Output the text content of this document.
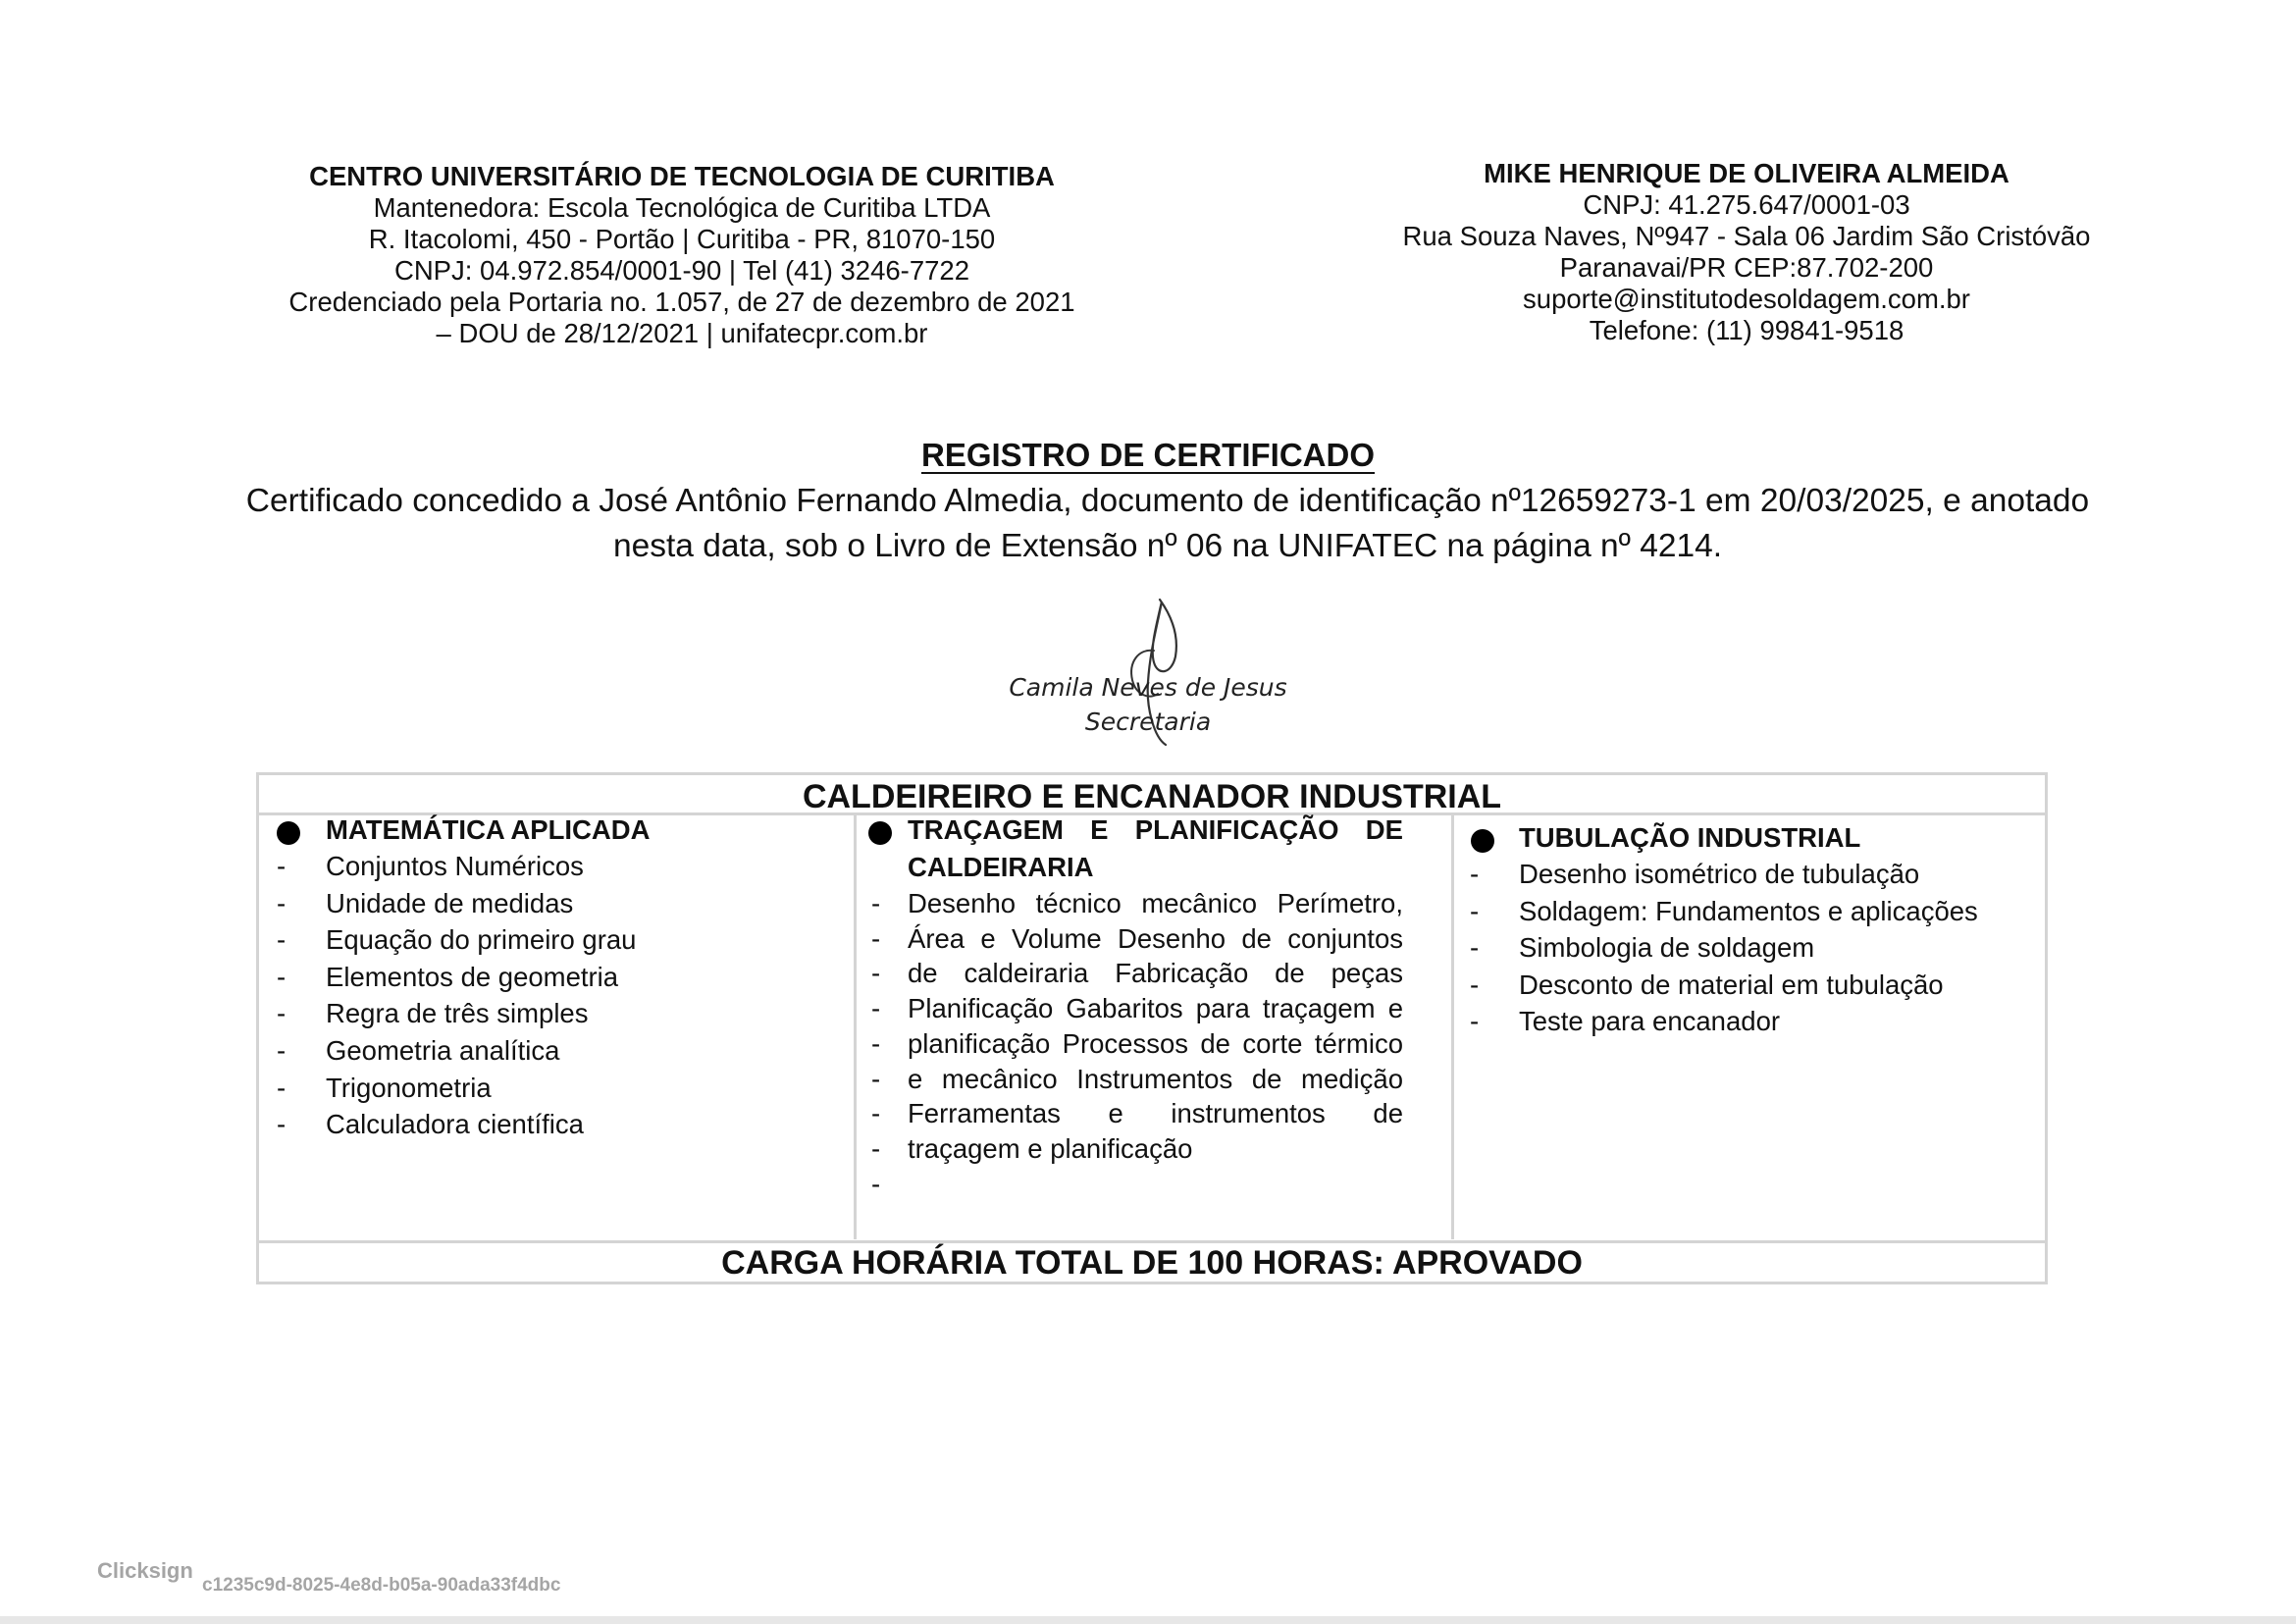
CENTRO UNIVERSITÁRIO DE TECNOLOGIA DE CURITIBA
Mantenedora: Escola Tecnológica de Curitiba LTDA
R. Itacolomi, 450 - Portão | Curitiba - PR, 81070-150
CNPJ: 04.972.854/0001-90 | Tel (41) 3246-7722
Credenciado pela Portaria no. 1.057, de 27 de dezembro de 2021
– DOU de 28/12/2021 | unifatecpr.com.br
MIKE HENRIQUE DE OLIVEIRA ALMEIDA
CNPJ: 41.275.647/0001-03
Rua Souza Naves, Nº947 - Sala 06 Jardim São Cristóvão
Paranavai/PR CEP:87.702-200
suporte@institutodesoldagem.com.br
Telefone: (11) 99841-9518
REGISTRO DE CERTIFICADO
Certificado concedido a José Antônio Fernando Almedia, documento de identificação nº12659273-1 em 20/03/2025, e anotado
nesta data, sob o Livro de Extensão nº 06 na UNIFATEC na página nº 4214.
Camila Neves de Jesus
Secretaria
CALDEIREIRO E ENCANADOR INDUSTRIAL
MATEMÁTICA APLICADA
- Conjuntos Numéricos
- Unidade de medidas
- Equação do primeiro grau
- Elementos de geometria
- Regra de três simples
- Geometria analítica
- Trigonometria
- Calculadora científica
TRAÇAGEM E PLANIFICAÇÃO DE
CALDEIRARIA
-
-
-
-
-
-
-
-
-
Desenho técnico mecânico Perímetro,
Área e Volume Desenho de conjuntos
de caldeiraria Fabricação de peças
Planificação Gabaritos para traçagem e
planificação Processos de corte térmico
e mecânico Instrumentos de medição
Ferramentas e instrumentos de
traçagem e planificação
TUBULAÇÃO INDUSTRIAL
- Desenho isométrico de tubulação
- Soldagem: Fundamentos e aplicações
- Simbologia de soldagem
- Desconto de material em tubulação
- Teste para encanador
CARGA HORÁRIA TOTAL DE 100 HORAS: APROVADO
Clicksign
c1235c9d-8025-4e8d-b05a-90ada33f4dbc
